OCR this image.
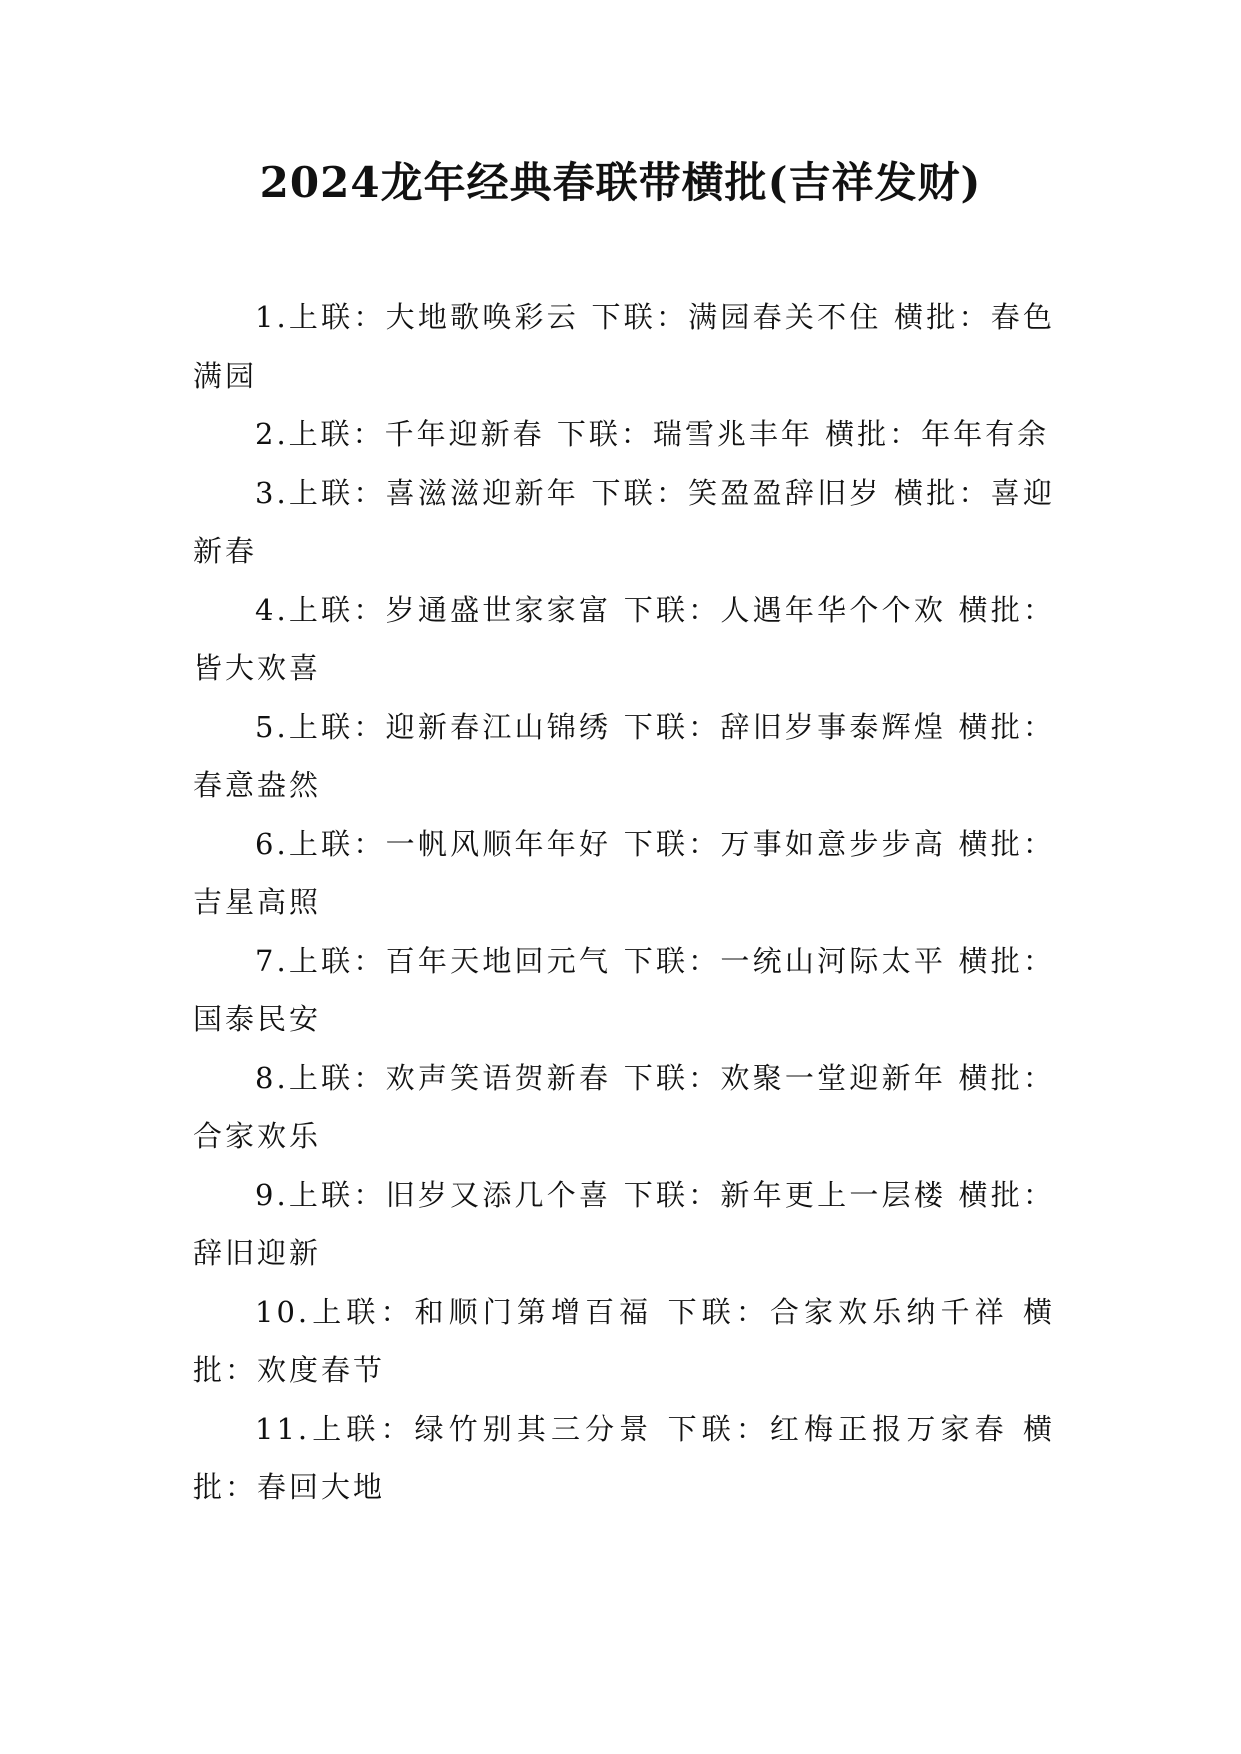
2024龙年经典春联带横批(吉祥发财)

1.上联：大地歌唤彩云 下联：满园春关不住 横批：春色满园

2.上联：千年迎新春 下联：瑞雪兆丰年 横批：年年有余

3.上联：喜滋滋迎新年 下联：笑盈盈辞旧岁 横批：喜迎新春

4.上联：岁通盛世家家富 下联：人遇年华个个欢 横批：皆大欢喜

5.上联：迎新春江山锦绣 下联：辞旧岁事泰辉煌 横批：春意盎然

6.上联：一帆风顺年年好 下联：万事如意步步高 横批：吉星高照

7.上联：百年天地回元气 下联：一统山河际太平 横批：国泰民安

8.上联：欢声笑语贺新春 下联：欢聚一堂迎新年 横批：合家欢乐

9.上联：旧岁又添几个喜 下联：新年更上一层楼 横批：辞旧迎新

10.上联：和顺门第增百福 下联：合家欢乐纳千祥 横批：欢度春节

11.上联：绿竹别其三分景 下联：红梅正报万家春 横批：春回大地
